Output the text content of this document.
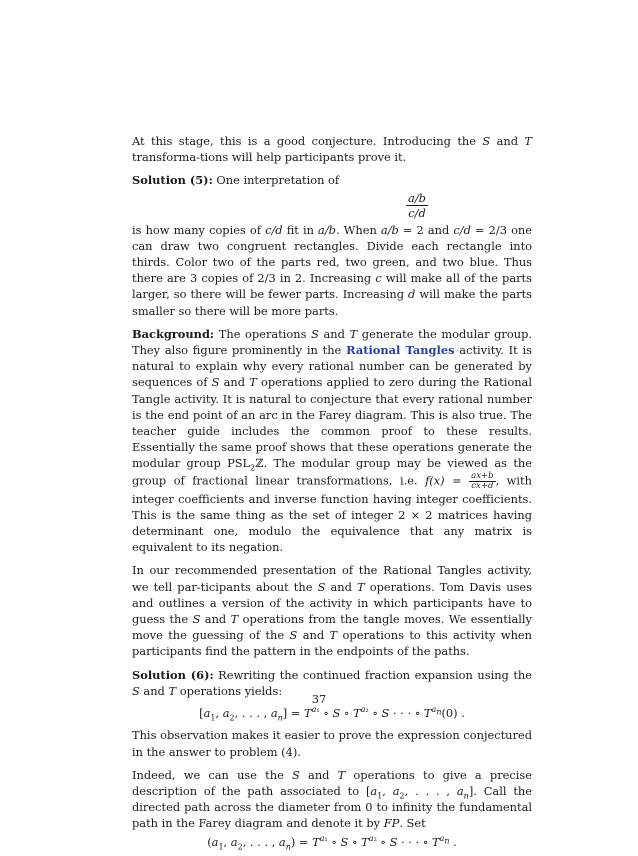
At this stage, this is a good conjecture. Introducing the S and T transforma-tions will help participants prove it.

Solution (5): One interpretation of

$\frac{a/b}{c/d}$

is how many copies of c/d fit in a/b. When a/b = 2 and c/d = 2/3 one can draw two congruent rectangles. Divide each rectangle into thirds. Color two of the parts red, two green, and two blue. Thus there are 3 copies of 2/3 in 2. Increasing c will make all of the parts larger, so there will be fewer parts. Increasing d will make the parts smaller so there will be more parts.

Background: The operations S and T generate the modular group. They also figure prominently in the Rational Tangles activity. It is natural to explain why every rational number can be generated by sequences of S and T operations applied to zero during the Rational Tangle activity. It is natural to conjecture that every rational number is the end point of an arc in the Farey diagram. This is also true. The teacher guide includes the common proof to these results. Essentially the same proof shows that these operations generate the modular group $PSL_2ℤ$. The modular group may be viewed as the group of fractional linear transformations, i.e. $f(x) = \frac{ax+b}{cx+d}$ , with integer coefficients and inverse function having integer coefficients. This is the same thing as the set of integer 2 × 2 matrices having determinant one, modulo the equivalence that any matrix is equivalent to its negation.

In our recommended presentation of the Rational Tangles activity, we tell par-ticipants about the S and T operations. Tom Davis uses and outlines a version of the activity in which participants have to guess the S and T operations from the tangle moves. We essentially move the guessing of the S and T operations to this activity when participants find the pattern in the endpoints of the paths.

Solution (6): Rewriting the continued fraction expansion using the S and T operations yields:

[$a_1$, $a_2$, . . . , $a_n] = T^{a_1}$ ∘ S ∘ $T^{a_2}$ ∘ S · · · ∘ $T^{a_n}(0)$ .

This observation makes it easier to prove the expression conjectured in the answer to problem (4).

Indeed, we can use the S and T operations to give a precise description of the path associated to [$a_1$, $a_2$, . . . , $a_n$]. Call the directed path across the diameter from 0 to infinity the fundamental path in the Farey diagram and denote it by FP. Set

($a_1$, $a_2$, . . . , $a_n) = T^{a_1}$ ∘ S ∘ $T^{a_2}$ ∘ S · · · ∘ $T^{a_n}$ .
37
